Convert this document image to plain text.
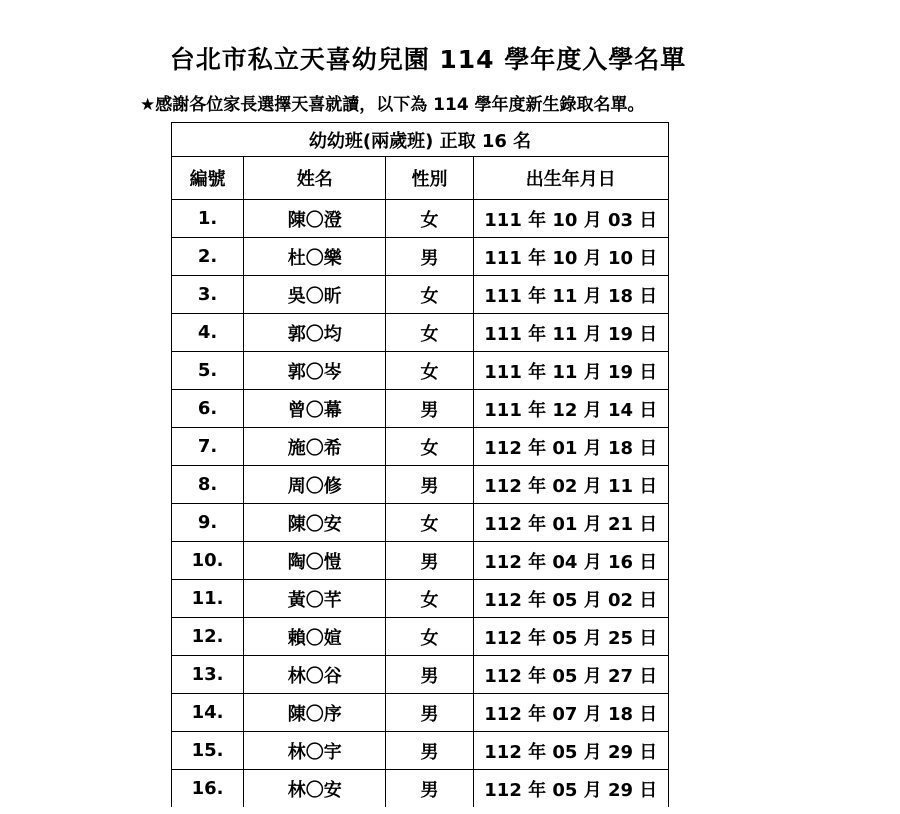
台北市私立天喜幼兒園 114 學年度入學名單
★感謝各位家長選擇天喜就讀，以下為 114 學年度新生錄取名單。
幼幼班(兩歲班) 正取 16 名			
編號	姓名	性別	出生年月日
1.	陳〇澄	女	111 年 10 月 03 日
2.	杜〇樂	男	111 年 10 月 10 日
3.	吳〇昕	女	111 年 11 月 18 日
4.	郭〇均	女	111 年 11 月 19 日
5.	郭〇岑	女	111 年 11 月 19 日
6.	曾〇幕	男	111 年 12 月 14 日
7.	施〇希	女	112 年 01 月 18 日
8.	周〇修	男	112 年 02 月 11 日
9.	陳〇安	女	112 年 01 月 21 日
10.	陶〇愷	男	112 年 04 月 16 日
11.	黃〇芊	女	112 年 05 月 02 日
12.	賴〇媗	女	112 年 05 月 25 日
13.	林〇谷	男	112 年 05 月 27 日
14.	陳〇序	男	112 年 07 月 18 日
15.	林〇宇	男	112 年 05 月 29 日
16.	林〇安	男	112 年 05 月 29 日
